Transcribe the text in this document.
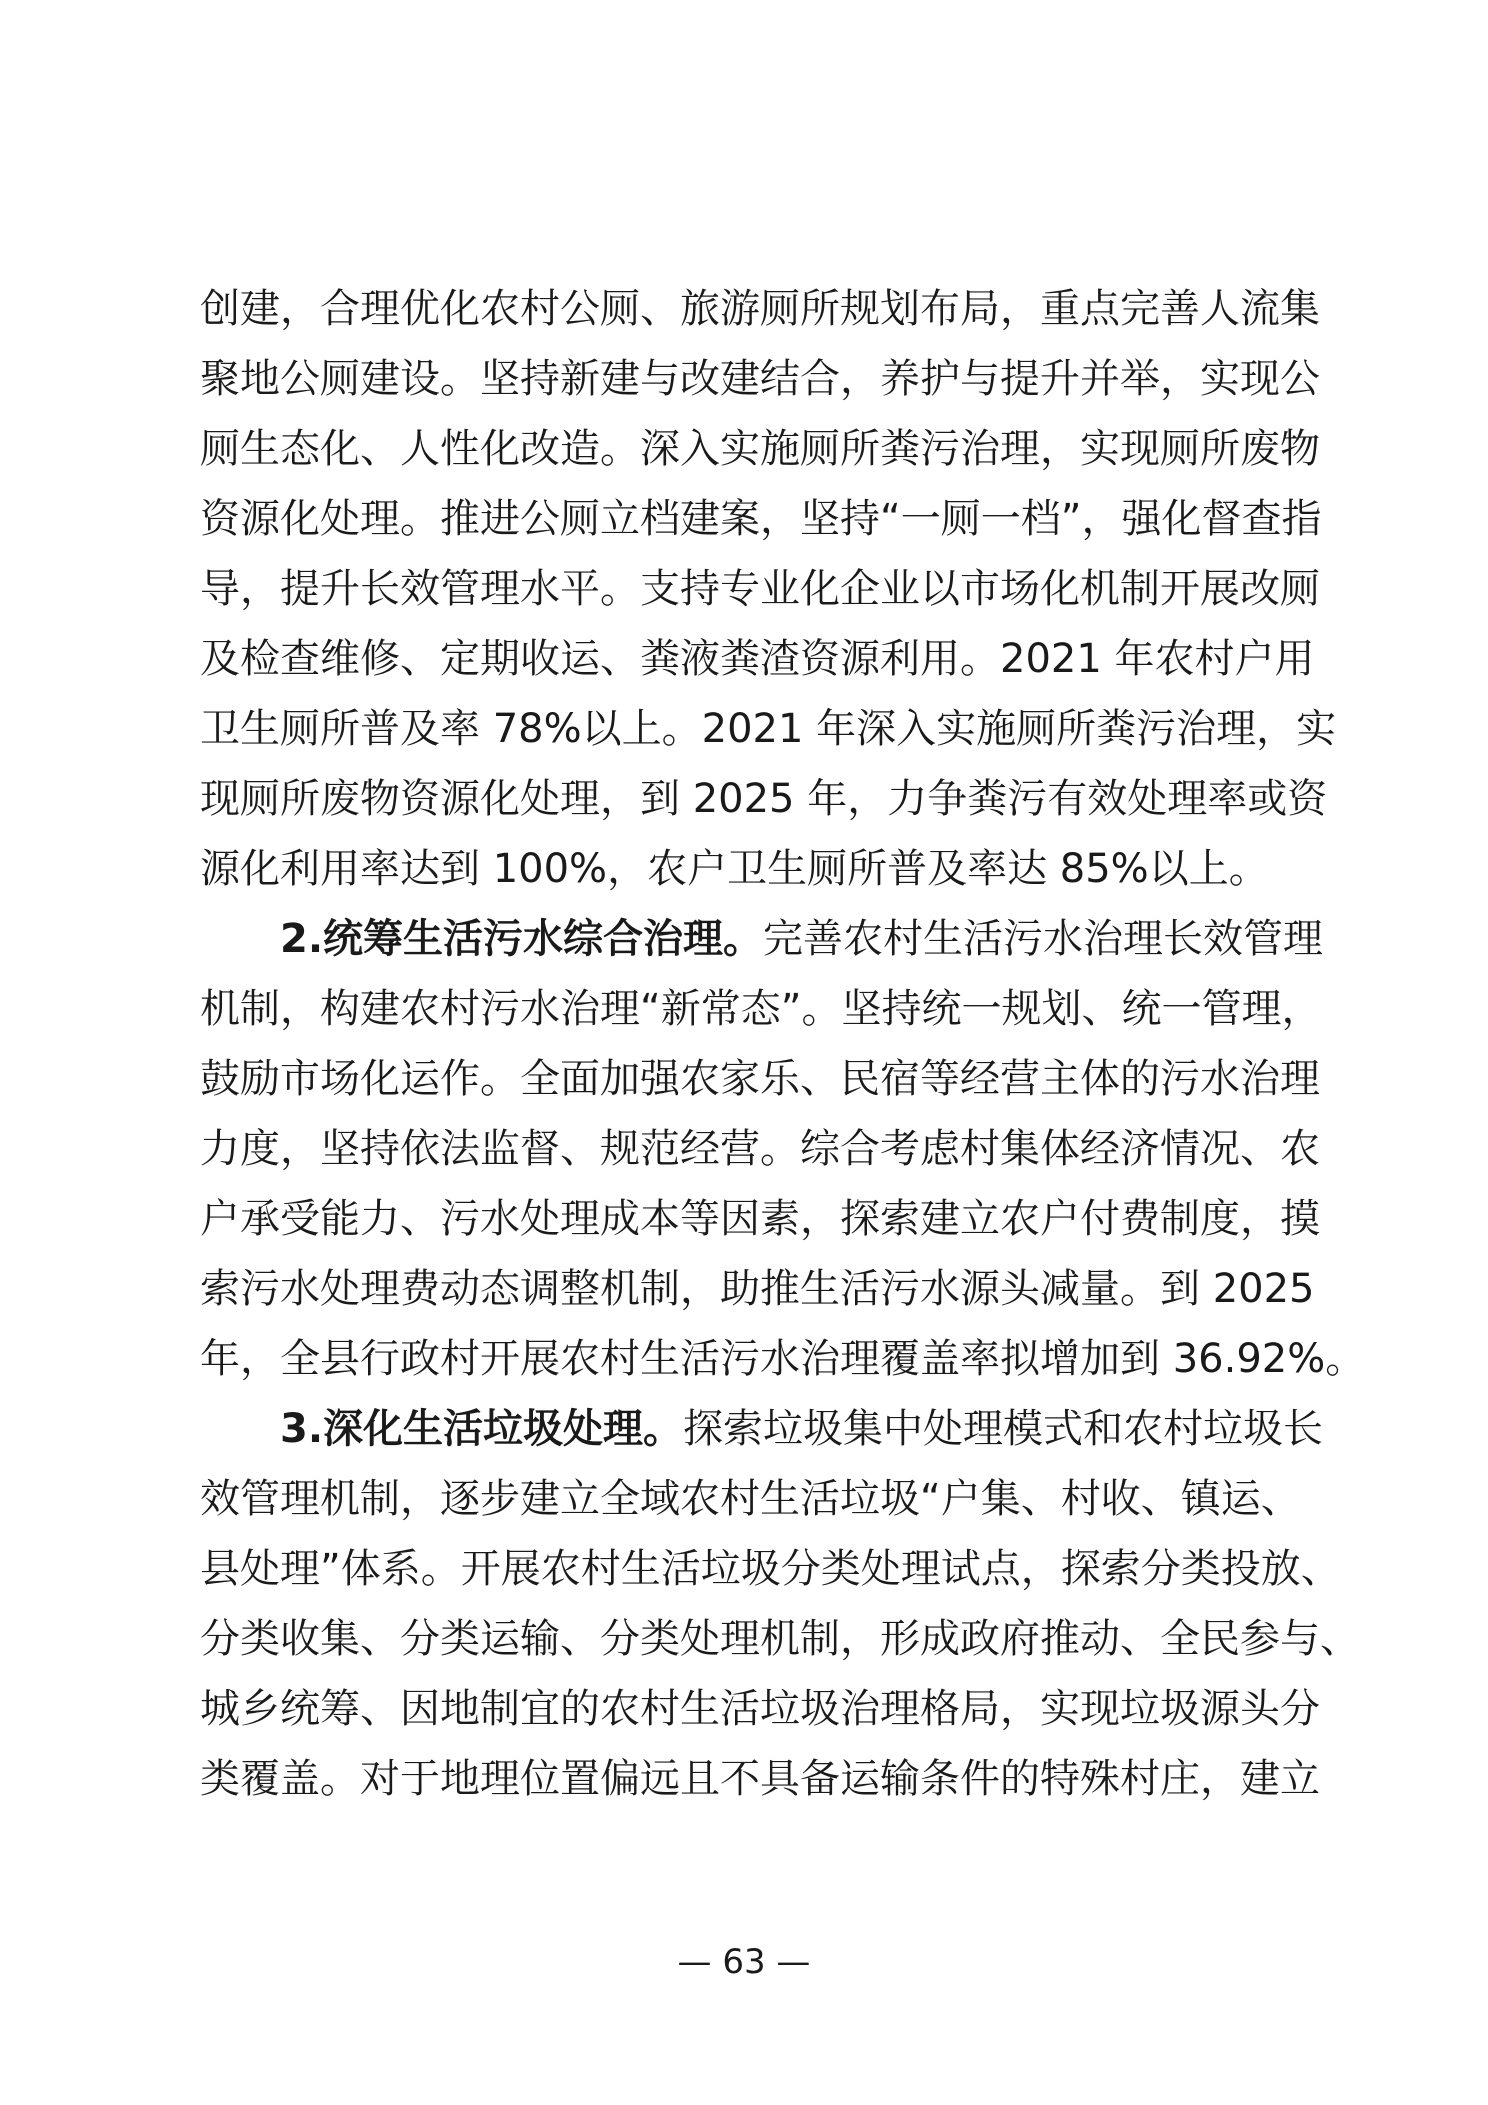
创建，合理优化农村公厕、旅游厕所规划布局，重点完善人流集
聚地公厕建设。坚持新建与改建结合，养护与提升并举，实现公
厕生态化、人性化改造。深入实施厕所粪污治理，实现厕所废物
资源化处理。推进公厕立档建案，坚持“一厕一档”，强化督查指
导，提升长效管理水平。支持专业化企业以市场化机制开展改厕
及检查维修、定期收运、粪液粪渣资源利用。2021 年农村户用
卫生厕所普及率 78%以上。2021 年深入实施厕所粪污治理，实
现厕所废物资源化处理，到 2025 年，力争粪污有效处理率或资
源化利用率达到 100%，农户卫生厕所普及率达 85%以上。
2.统筹生活污水综合治理。完善农村生活污水治理长效管理
机制，构建农村污水治理“新常态”。坚持统一规划、统一管理，
鼓励市场化运作。全面加强农家乐、民宿等经营主体的污水治理
力度，坚持依法监督、规范经营。综合考虑村集体经济情况、农
户承受能力、污水处理成本等因素，探索建立农户付费制度，摸
索污水处理费动态调整机制，助推生活污水源头减量。到 2025
年，全县行政村开展农村生活污水治理覆盖率拟增加到 36.92%。
3.深化生活垃圾处理。探索垃圾集中处理模式和农村垃圾长
效管理机制，逐步建立全域农村生活垃圾“户集、村收、镇运、
县处理”体系。开展农村生活垃圾分类处理试点，探索分类投放、
分类收集、分类运输、分类处理机制，形成政府推动、全民参与、
城乡统筹、因地制宜的农村生活垃圾治理格局，实现垃圾源头分
类覆盖。对于地理位置偏远且不具备运输条件的特殊村庄，建立
— 63 —
